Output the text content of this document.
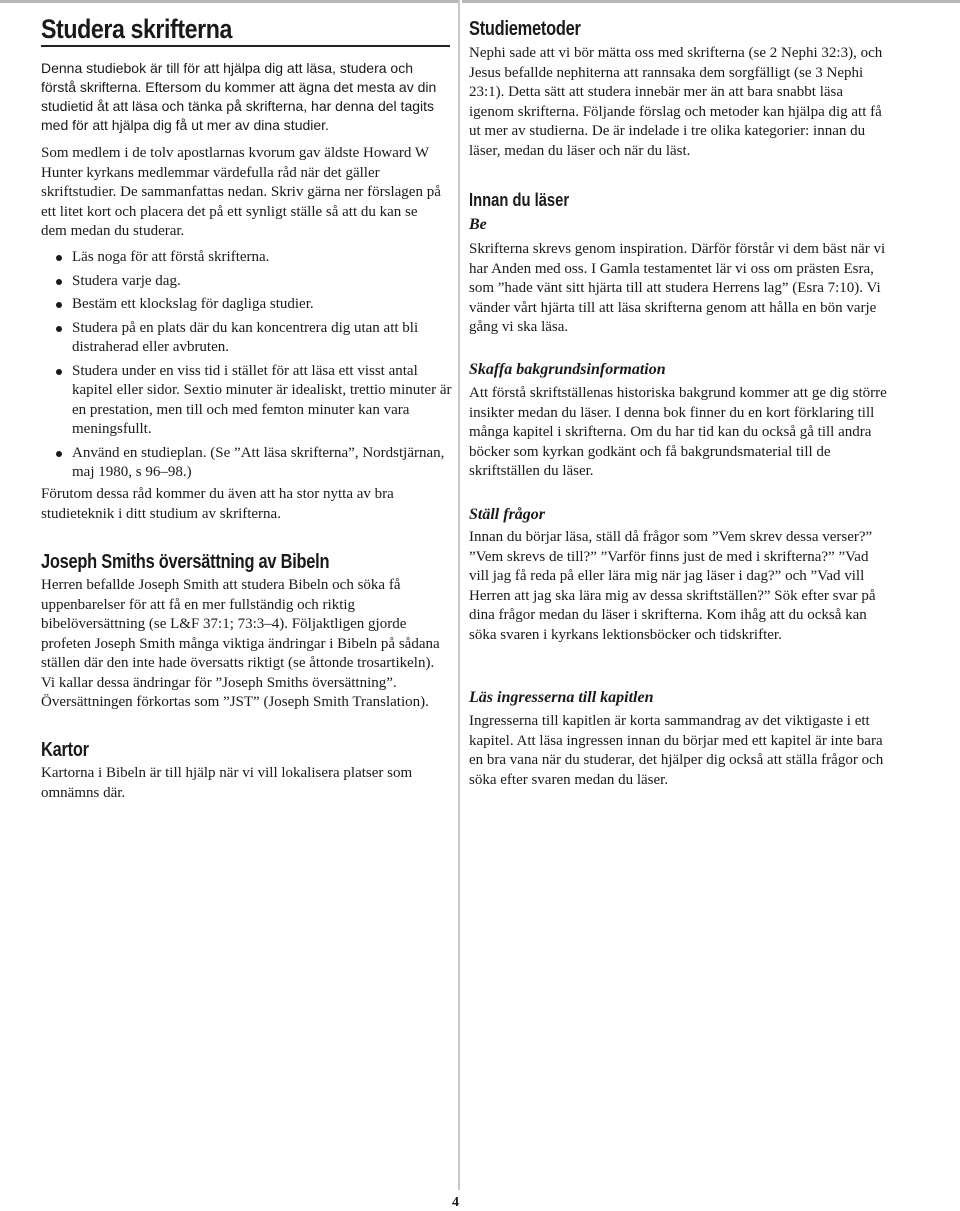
Studera skrifterna

Denna studiebok är till för att hjälpa dig att läsa, studera och förstå skrifterna. Eftersom du kommer att ägna det mesta av din studietid åt att läsa och tänka på skrifterna, har denna del tagits med för att hjälpa dig få ut mer av dina studier.

Som medlem i de tolv apostlarnas kvorum gav äldste Howard W Hunter kyrkans medlemmar värdefulla råd när det gäller skriftstudier. De sammanfattas nedan. Skriv gärna ner förslagen på ett litet kort och placera det på ett synligt ställe så att du kan se dem medan du studerar.

Läs noga för att förstå skrifterna.
Studera varje dag.
Bestäm ett klockslag för dagliga studier.
Studera på en plats där du kan koncentrera dig utan att bli distraherad eller avbruten.
Studera under en viss tid i stället för att läsa ett visst antal kapitel eller sidor. Sextio minuter är idealiskt, trettio minuter är en prestation, men till och med femton minuter kan vara meningsfullt.
Använd en studieplan. (Se ”Att läsa skrifterna”, Nordstjärnan, maj 1980, s 96–98.)

Förutom dessa råd kommer du även att ha stor nytta av bra studieteknik i ditt studium av skrifterna.

Joseph Smiths översättning av Bibeln

Herren befallde Joseph Smith att studera Bibeln och söka få uppenbarelser för att få en mer fullständig och riktig bibelöversättning (se L&F 37:1; 73:3–4). Följaktligen gjorde profeten Joseph Smith många viktiga ändringar i Bibeln på sådana ställen där den inte hade översatts riktigt (se åttonde trosartikeln). Vi kallar dessa ändringar för ”Joseph Smiths översättning”. Översättningen förkortas som ”JST” (Joseph Smith Translation).

Kartor

Kartorna i Bibeln är till hjälp när vi vill lokalisera platser som omnämns där.

Studiemetoder

Nephi sade att vi bör mätta oss med skrifterna (se 2 Nephi 32:3), och Jesus befallde nephiterna att rannsaka dem sorgfälligt (se 3 Nephi 23:1). Detta sätt att studera innebär mer än att bara snabbt läsa igenom skrifterna. Följande förslag och metoder kan hjälpa dig att få ut mer av studierna. De är indelade i tre olika kategorier: innan du läser, medan du läser och när du läst.

Innan du läser
Be

Skrifterna skrevs genom inspiration. Därför förstår vi dem bäst när vi har Anden med oss. I Gamla testamentet lär vi oss om prästen Esra, som ”hade vänt sitt hjärta till att studera Herrens lag” (Esra 7:10). Vi vänder vårt hjärta till att läsa skrifterna genom att hålla en bön varje gång vi ska läsa.

Skaffa bakgrundsinformation

Att förstå skriftställenas historiska bakgrund kommer att ge dig större insikter medan du läser. I denna bok finner du en kort förklaring till många kapitel i skrifterna. Om du har tid kan du också gå till andra böcker som kyrkan godkänt och få bakgrundsmaterial till de skriftställen du läser.

Ställ frågor

Innan du börjar läsa, ställ då frågor som ”Vem skrev dessa verser?” ”Vem skrevs de till?” ”Varför finns just de med i skrifterna?” ”Vad vill jag få reda på eller lära mig när jag läser i dag?” och ”Vad vill Herren att jag ska lära mig av dessa skriftställen?” Sök efter svar på dina frågor medan du läser i skrifterna. Kom ihåg att du också kan söka svaren i kyrkans lektionsböcker och tidskrifter.

Läs ingresserna till kapitlen

Ingresserna till kapitlen är korta sammandrag av det viktigaste i ett kapitel. Att läsa ingressen innan du börjar med ett kapitel är inte bara en bra vana när du studerar, det hjälper dig också att ställa frågor och söka efter svaren medan du läser.

4
